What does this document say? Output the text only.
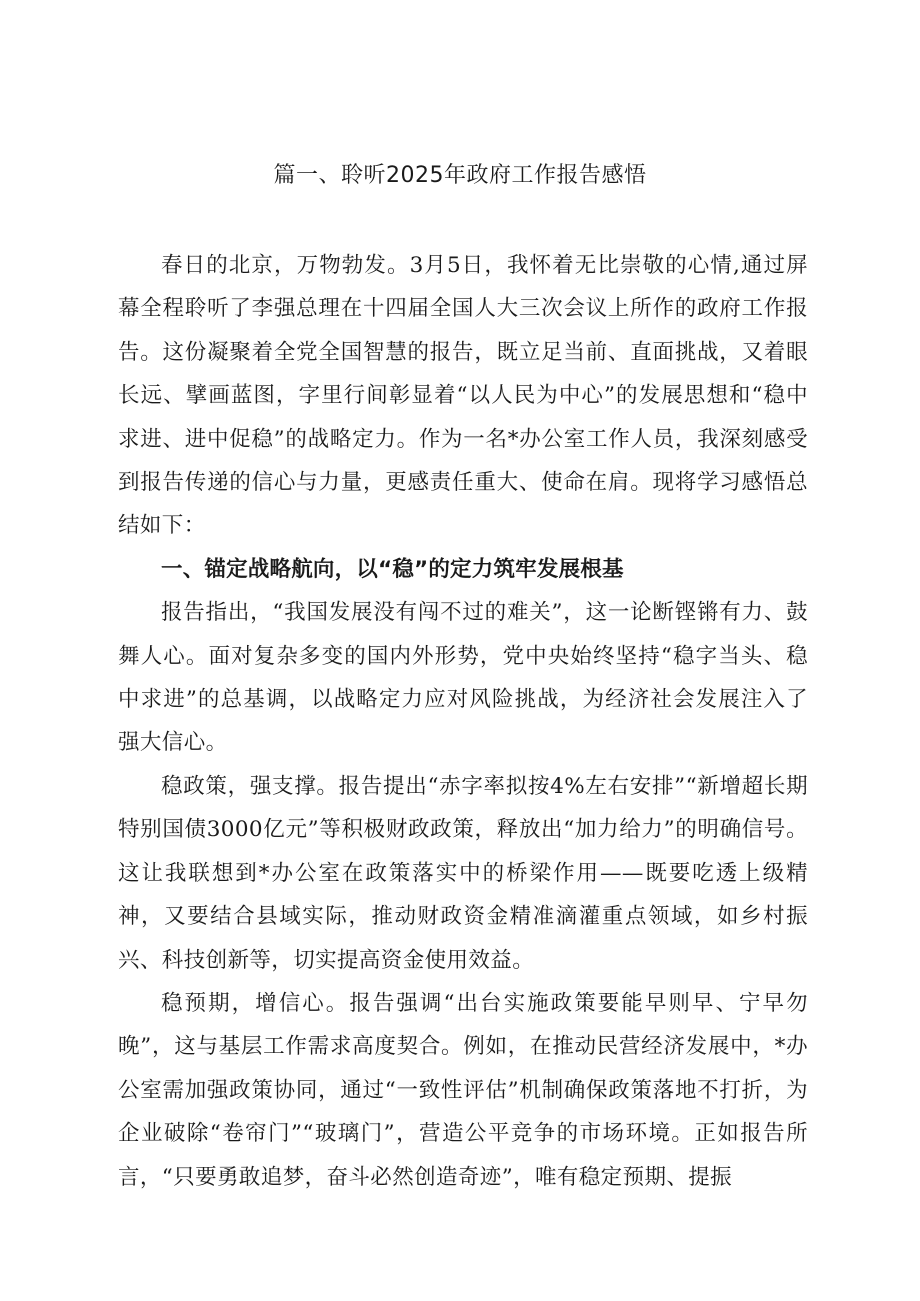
篇一、聆听2025年政府工作报告感悟

春日的北京，万物勃发。3月5日，我怀着无比崇敬的心情,通过屏幕全程聆听了李强总理在十四届全国人大三次会议上所作的政府工作报告。这份凝聚着全党全国智慧的报告，既立足当前、直面挑战，又着眼长远、擘画蓝图，字里行间彰显着“以人民为中心”的发展思想和“稳中求进、进中促稳”的战略定力。作为一名*办公室工作人员，我深刻感受到报告传递的信心与力量，更感责任重大、使命在肩。现将学习感悟总结如下：

一、锚定战略航向，以“稳”的定力筑牢发展根基

报告指出，“我国发展没有闯不过的难关”，这一论断铿锵有力、鼓舞人心。面对复杂多变的国内外形势，党中央始终坚持“稳字当头、稳中求进”的总基调，以战略定力应对风险挑战，为经济社会发展注入了强大信心。

稳政策，强支撑。报告提出“赤字率拟按4%左右安排”“新增超长期特别国债3000亿元”等积极财政政策，释放出“加力给力”的明确信号。这让我联想到*办公室在政策落实中的桥梁作用——既要吃透上级精神，又要结合县域实际，推动财政资金精准滴灌重点领域，如乡村振兴、科技创新等，切实提高资金使用效益。

稳预期，增信心。报告强调“出台实施政策要能早则早、宁早勿晚”，这与基层工作需求高度契合。例如，在推动民营经济发展中，*办公室需加强政策协同，通过“一致性评估”机制确保政策落地不打折，为企业破除“卷帘门”“玻璃门”，营造公平竞争的市场环境。正如报告所言，“只要勇敢追梦，奋斗必然创造奇迹”，唯有稳定预期、提振
